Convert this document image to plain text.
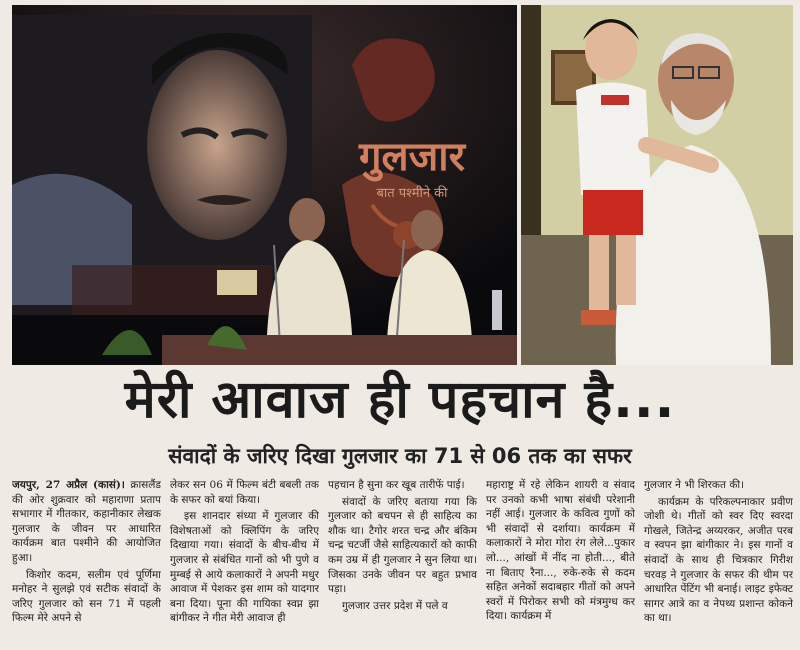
गुलजार
बात पश्मीने की
मेरी आवाज ही पहचान है...
संवादों के जरिए दिखा गुलजार का 71 से 06 तक का सफर

जयपुर, 27 अप्रैल (कासं)। क्रासलैंड की ओर शुक्रवार को महाराणा प्रताप सभागार में गीतकार, कहानीकार लेखक गुलजार के जीवन पर आधारित कार्यक्रम बात पश्मीने की आयोजित हुआ।

किशोर कदम, सलीम एवं पूर्णिमा मनोहर ने सुलझे एवं सटीक संवादों के जरिए गुलजार को सन 71 में पहली फिल्म मेरे अपने से

लेकर सन 06 में फिल्म बंटी बबली तक के सफर को बयां किया।

इस शानदार संध्या में गुलजार की विशेषताओं को क्लिपिंग के जरिए दिखाया गया। संवादों के बीच-बीच में गुलजार से संबंधित गानों को भी पुणे व मुम्बई से आये कलाकारों ने अपनी मधुर आवाज में पेशकर इस शाम को यादगार बना दिया। पूना की गायिका स्वप्न झा बांगीकर ने गीत मेरी आवाज ही

पहचान है सुना कर खूब तारीफें पाई।

संवादों के जरिए बताया गया कि गुलजार को बचपन से ही साहित्य का शौक था। टैगोर शरत चन्द्र और बंकिम चन्द्र चटर्जी जैसे साहित्यकारों को काफी कम उम्र में ही गुलजार ने सुन लिया था। जिसका उनके जीवन पर बहुत प्रभाव पड़ा।

गुलजार उत्तर प्रदेश में पले व

महाराष्ट्र में रहे लेकिन शायरी व संवाद पर उनको कभी भाषा संबंधी परेशानी नहीं आई। गुलजार के कवित्व गुणों को भी संवादों से दर्शाया। कार्यक्रम में कलाकारों ने मोरा गोरा रंग लेले...पुकार लो..., आंखों में नींद ना होती..., बीते ना बिताए रैना..., रुके-रुके से कदम सहित अनेकों सदाबहार गीतों को अपने स्वरों में पिरोकर सभी को मंत्रमुग्ध कर दिया। कार्यक्रम में

गुलजार ने भी शिरकत की।

कार्यक्रम के परिकल्पनाकार प्रवीण जोशी थे। गीतों को स्वर दिए स्वरदा गोखले, जितेन्द्र अय्यरकर, अजीत परब व स्वपन झा बांगीकार ने। इस गानों व संवादों के साथ ही चित्रकार गिरीश चरवड़ ने गुलजार के सफर की थीम पर आधारित पेंटिंग भी बनाई। लाइट इफेक्ट सागर आत्रे का व नेपथ्य प्रशान्त कोकने का था।
